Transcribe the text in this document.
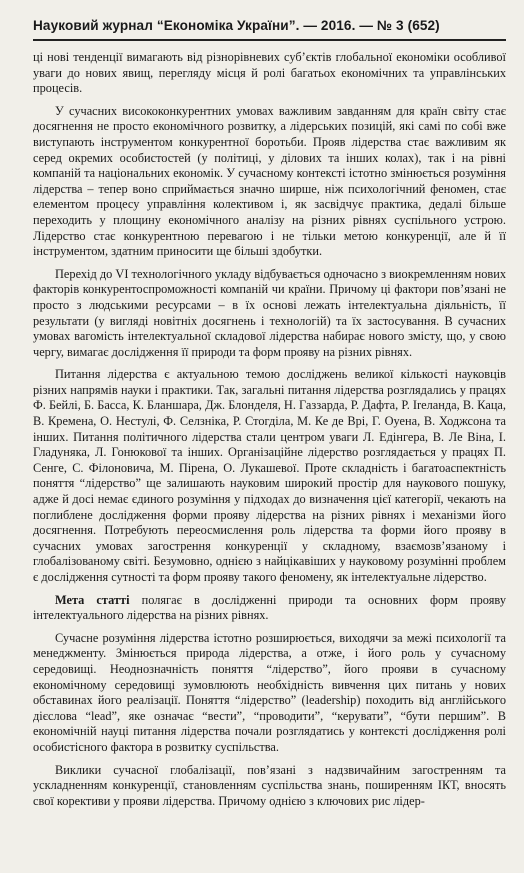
Науковий журнал “Економіка України”. — 2016. — № 3 (652)

ці нові тенденції вимагають від різнорівневих суб’єктів глобальної економіки особливої уваги до нових явищ, перегляду місця й ролі багатьох економічних та управлінських процесів.

У сучасних висококонкурентних умовах важливим завданням для країн світу стає досягнення не просто економічного розвитку, а лідерських позицій, які самі по собі вже виступають інструментом конкурентної боротьби. Прояв лідерства стає важливим як серед окремих особистостей (у політиці, у ділових та інших колах), так і на рівні компаній та національних економік. У сучасному контексті істотно змінюється розуміння лідерства – тепер воно сприймається значно ширше, ніж психологічний феномен, стає елементом процесу управління колективом і, як засвідчує практика, дедалі більше переходить у площину економічного аналізу на різних рівнях суспільного устрою. Лідерство стає конкурентною перевагою і не тільки метою конкуренції, але й її інструментом, здатним приносити ще більші здобутки.

Перехід до VI технологічного укладу відбувається одночасно з виокремленням нових факторів конкурентоспроможності компаній чи країни. Причому ці фактори пов’язані не просто з людськими ресурсами – в їх основі лежать інтелектуальна діяльність, її результати (у вигляді новітніх досягнень і технологій) та їх застосування. В сучасних умовах вагомість інтелектуальної складової лідерства набирає нового змісту, що, у свою чергу, вимагає дослідження її природи та форм прояву на різних рівнях.

Питання лідерства є актуальною темою досліджень великої кількості науковців різних напрямів науки і практики. Так, загальні питання лідерства розглядались у працях Ф. Бейлі, Б. Басса, К. Бланшара, Дж. Блонделя, Н. Газзарда, Р. Дафта, Р. Ireланда, В. Каца, В. Кремена, О. Нестулі, Ф. Селзніка, Р. Стогділа, М. Ке де Врі, Г. Оуена, В. Ходжсона та інших. Питання політичного лідерства стали центром уваги Л. Едінгера, В. Ле Віна, І. Гладуняка, Л. Гонюкової та інших. Організаційне лідерство розглядається у працях П. Сенге, С. Філоновича, М. Пірена, О. Лукашевої. Проте складність і багатоаспектність поняття “лідерство” ще залишають науковим широкий простір для наукового пошуку, адже й досі немає єдиного розуміння у підходах до визначення цієї категорії, чекають на поглиблене дослідження форми прояву лідерства на різних рівнях і механізми його досягнення. Потребують переосмислення роль лідерства та форми його прояву в сучасних умовах загострення конкуренції у складному, взаємозв’язаному і глобалізованому світі. Безумовно, однією з найцікавіших у науковому розумінні проблем є дослідження сутності та форм прояву такого феномену, як інтелектуальне лідерство.

Мета статті полягає в дослідженні природи та основних форм прояву інтелектуального лідерства на різних рівнях.

Сучасне розуміння лідерства істотно розширюється, виходячи за межі психології та менеджменту. Змінюється природа лідерства, а отже, і його роль у сучасному середовищі. Неоднозначність поняття “лідерство”, його прояви в сучасному економічному середовищі зумовлюють необхідність вивчення цих питань у нових обставинах його реалізації. Поняття “лідерство” (leadership) походить від англійського дієслова “lead”, яке означає “вести”, “проводити”, “керувати”, “бути першим”. В економічній науці питання лідерства почали розглядатись у контексті дослідження ролі особистісного фактора в розвитку суспільства.

Виклики сучасної глобалізації, пов’язані з надзвичайним загостренням та ускладненням конкуренції, становленням суспільства знань, поширенням ІКТ, вносять свої корективи у прояви лідерства. Причому однією з ключових рис лідер-
